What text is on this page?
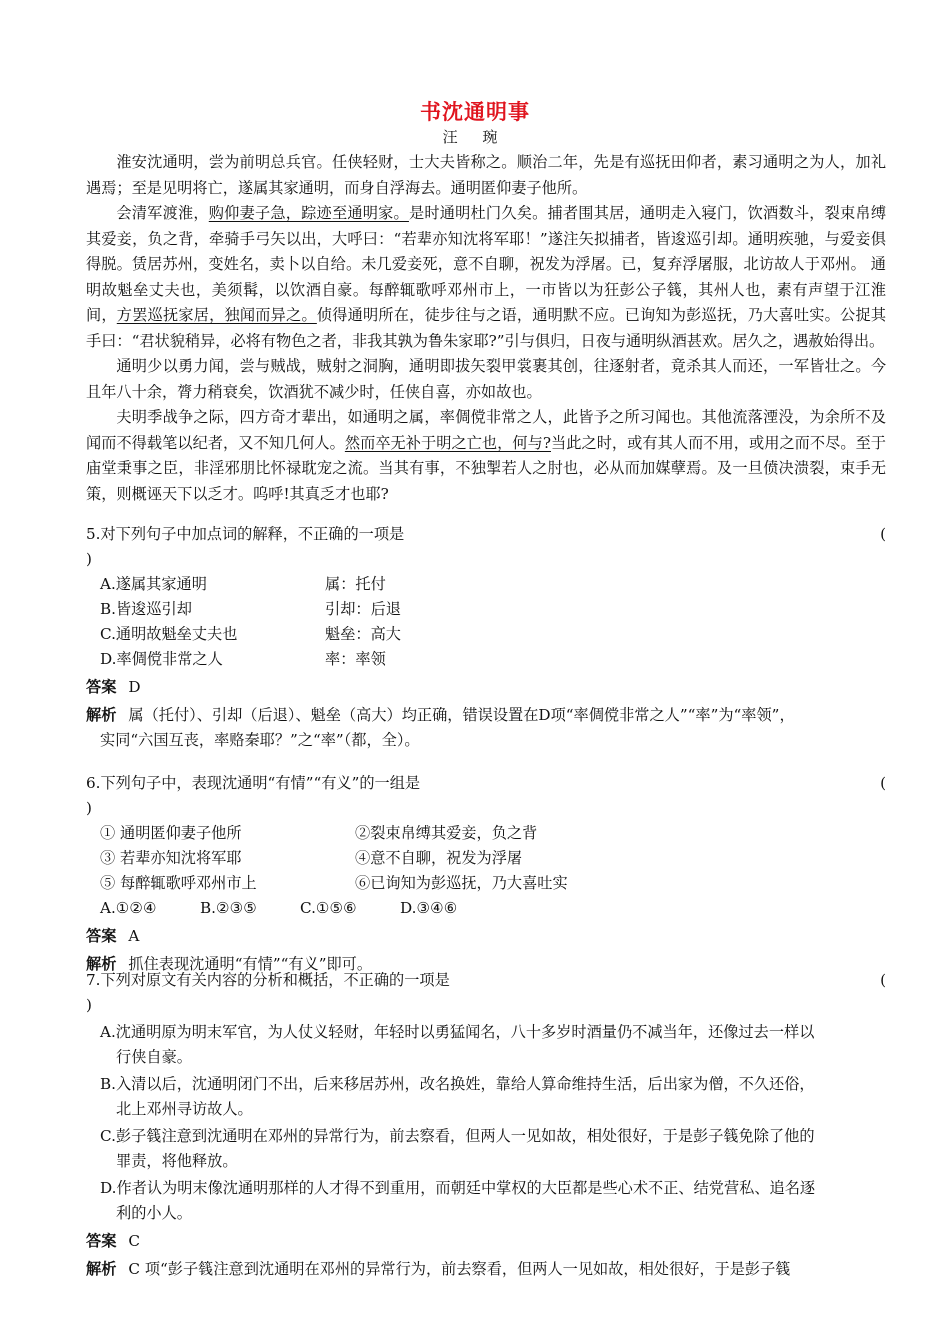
书沈通明事
汪 琬

淮安沈通明，尝为前明总兵官。任侠轻财，士大夫皆称之。顺治二年，先是有巡抚田仰者，素习通明之为人，加礼遇焉；至是见明将亡，遂属其家通明，而身自浮海去。通明匿仰妻子他所。

会清军渡淮，购仰妻子急，踪迹至通明家。是时通明杜门久矣。捕者围其居，通明走入寝门，饮酒数斗，裂束帛缚其爱妾，负之背，牵骑手弓矢以出，大呼曰：“若辈亦知沈将军耶！”遂注矢拟捕者，皆逡巡引却。通明疾驰，与爱妾俱得脱。赁居苏州，变姓名，卖卜以自给。未几爱妾死，意不自聊，祝发为浮屠。已，复弃浮屠服，北访故人于邓州。 通明故魁垒丈夫也，美须髯，以饮酒自豪。每醉辄歌呼邓州市上，一市皆以为狂彭公子篯，其州人也，素有声望于江淮间，方罢巡抚家居，独闻而异之。侦得通明所在，徒步往与之语，通明默不应。已询知为彭巡抚，乃大喜吐实。公捉其手曰：“君状貌稍异，必将有物色之者，非我其孰为鲁朱家耶?”引与俱归，日夜与通明纵酒甚欢。居久之，遇赦始得出。

通明少以勇力闻，尝与贼战，贼射之洞胸，通明即拔矢裂甲裳裹其创，往逐射者，竟杀其人而还，一军皆壮之。今且年八十余，膂力稍衰矣，饮酒犹不减少时，任侠自喜，亦如故也。

夫明季战争之际，四方奇才辈出，如通明之属，率倜傥非常之人，此皆予之所习闻也。其他流落湮没，为余所不及闻而不得载笔以纪者，又不知几何人。然而卒无补于明之亡也，何与?当此之时，或有其人而不用，或用之而不尽。至于庙堂秉事之臣，非淫邪朋比怀禄耽宠之流。当其有事，不独掣若人之肘也，必从而加媒孽焉。及一旦偾决溃裂，束手无策，则概诬天下以乏才。呜呼!其真乏才也耶?

5.对下列句子中加点词的解释，不正确的一项是	(
)
A.遂属其家通明	属：托付
B.皆逡巡引却	引却：后退
C.通明故魁垒丈夫也	魁垒：高大
D.率倜傥非常之人	率：率领
答案 D
解析 属（托付）、引却（后退）、魁垒（高大）均正确，错误设置在D项“率倜傥非常之人”“率”为“率领”，
实同“六国互丧，率赂秦耶？”之“率”（都，全）。
6.下列句子中，表现沈通明“有情”“有义”的一组是	(
)
① 通明匿仰妻子他所	②裂束帛缚其爱妾，负之背
③ 若辈亦知沈将军耶	④意不自聊，祝发为浮屠
⑤ 每醉辄歌呼邓州市上	⑥已询知为彭巡抚，乃大喜吐实
A.①②④	B.②③⑤	C.①⑤⑥	D.③④⑥
答案 A
解析 抓住表现沈通明“有情”“有义”即可。
7.下列对原文有关内容的分析和概括，不正确的一项是	(
)
A.沈通明原为明末军官，为人仗义轻财，年轻时以勇猛闻名，八十多岁时酒量仍不减当年，还像过去一样以
行侠自豪。
B.入清以后，沈通明闭门不出，后来移居苏州，改名换姓，靠给人算命维持生活，后出家为僧，不久还俗，
北上邓州寻访故人。
C.彭子篯注意到沈通明在邓州的异常行为，前去察看，但两人一见如故，相处很好，于是彭子篯免除了他的
罪责，将他释放。
D.作者认为明末像沈通明那样的人才得不到重用，而朝廷中掌权的大臣都是些心术不正、结党营私、追名逐
利的小人。
答案 C
解析 C 项“彭子篯注意到沈通明在邓州的异常行为，前去察看，但两人一见如故，相处很好，于是彭子篯
